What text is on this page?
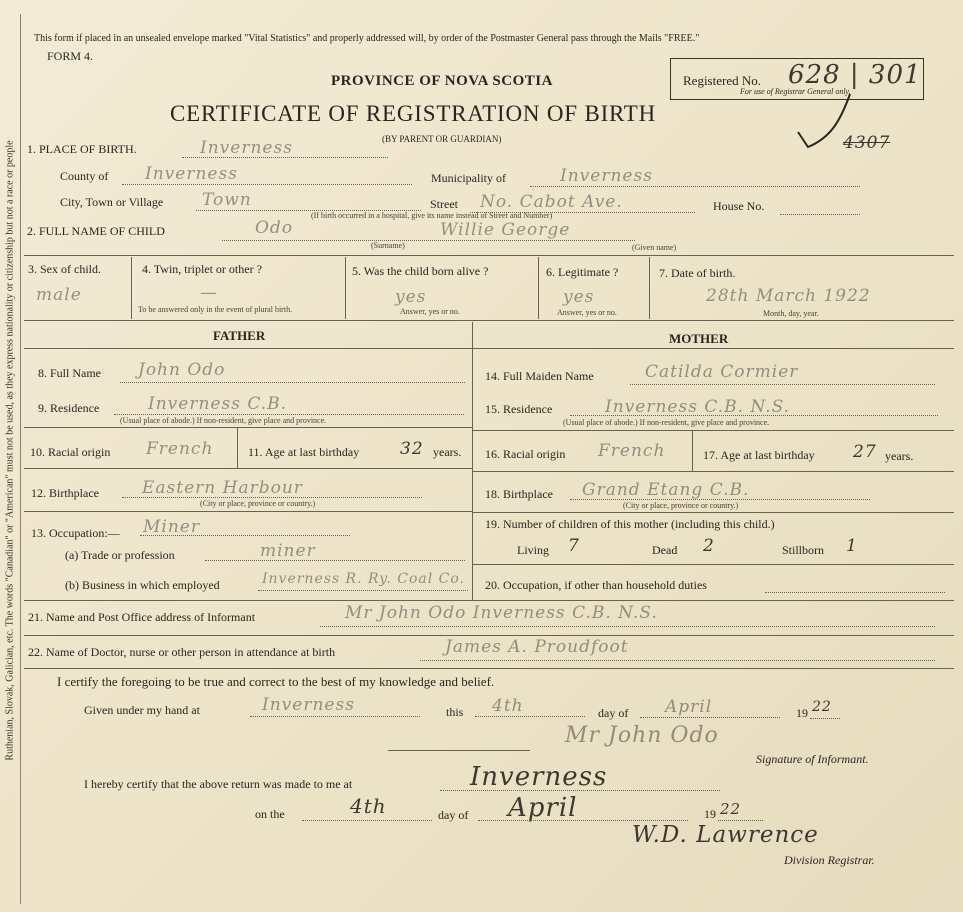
Ruthenian, Slovak, Galician, etc. The words "Canadian" or "American" must not be used, as they express nationality or citizenship but not a race or people
This form if placed in an unsealed envelope marked "Vital Statistics" and properly addressed will, by order of the Postmaster General pass through the Mails "FREE."
FORM 4.
PROVINCE OF NOVA SCOTIA
CERTIFICATE OF REGISTRATION OF BIRTH
(BY PARENT OR GUARDIAN)
Registered No. 628 | 301
For use of Registrar General only.
4307
1. PLACE OF BIRTH.	Inverness
County of Inverness	Municipality of	Inverness
City, Town or Village Town	Street No. Cabot Ave.	House No.
(If birth occurred in a hospital, give its name instead of Street and Number)
2. FULL NAME OF CHILD	Odo	Willie George
(Surname)	(Given name)
3. Sex of child.
male
4. Twin, triplet or other ?
—
To be answered only in the event of plural birth.
5. Was the child born alive ?
yes
Answer, yes or no.
6. Legitimate ?
yes
Answer, yes or no.
7. Date of birth.
28th March 1922
Month, day, year.
FATHER	MOTHER
8. Full Name John Odo
9. Residence	Inverness C.B.
(Usual place of abode.) If non-resident, give place and province.
10. Racial origin French	11. Age at last birthday 32 years.
12. Birthplace	Eastern Harbour
(City or place, province or country.)
13. Occupation:— Miner
(a) Trade or profession	miner
(b) Business in which employed	Inverness R. Ry. Coal Co.
14. Full Maiden Name	Catilda Cormier
15. Residence	Inverness C.B. N.S.
(Usual place of abode.) If non-resident, give place and province.
16. Racial origin French	17. Age at last birthday 27 years.
18. Birthplace Grand Etang C.B.
(City or place, province or country.)
19. Number of children of this mother (including this child.)
Living 7	Dead 2	Stillborn 1
20. Occupation, if other than household duties
21. Name and Post Office address of Informant	Mr John Odo Inverness C.B. N.S.
22. Name of Doctor, nurse or other person in attendance at birth	James A. Proudfoot
I certify the foregoing to be true and correct to the best of my knowledge and belief.
Given under my hand at	Inverness	this 4th	day of April	19 22
Mr John Odo
Signature of Informant.
I hereby certify that the above return was made to me at	Inverness
on the	4th	day of April	19 22
W.D. Lawrence
Division Registrar.
